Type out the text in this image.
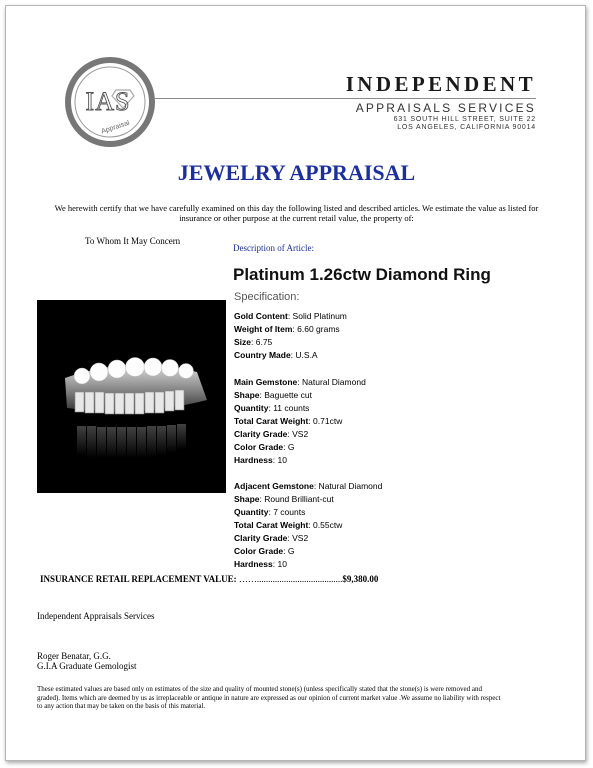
IAS
Appraisal
INDEPENDENT
APPRAISALS SERVICES
631 SOUTH HILL STREET, SUITE 22
LOS ANGELES, CALIFORNIA 90014
JEWELRY APPRAISAL
We herewith certify that we have carefully examined on this day the following listed and described articles. We estimate the value as listed for insurance or other purpose at the current retail value, the property of:
To Whom It May Concern
Description of Article:
Platinum 1.26ctw Diamond Ring
Specification:
Gold Content: Solid Platinum
Weight of Item: 6.60 grams
Size: 6.75
Country Made: U.S.A
Main Gemstone: Natural Diamond
Shape: Baguette cut
Quantity: 11 counts
Total Carat Weight: 0.71ctw
Clarity Grade: VS2
Color Grade: G
Hardness: 10
Adjacent Gemstone: Natural Diamond
Shape: Round Brilliant-cut
Quantity: 7 counts
Total Carat Weight: 0.55ctw
Clarity Grade: VS2
Color Grade: G
Hardness: 10
INSURANCE RETAIL REPLACEMENT VALUE: ……......................................$9,380.00
Independent Appraisals Services
Roger Benatar, G.G.
G.I.A Graduate Gemologist
These estimated values are based only on estimates of the size and quality of mounted stone(s) (unless specifically stated that the stone(s) is were removed and graded). Items which are deemed by us as irreplaceable or antique in nature are expressed as our opinion of current market value .We assume no liability with respect to any action that may be taken on the basis of this material.
